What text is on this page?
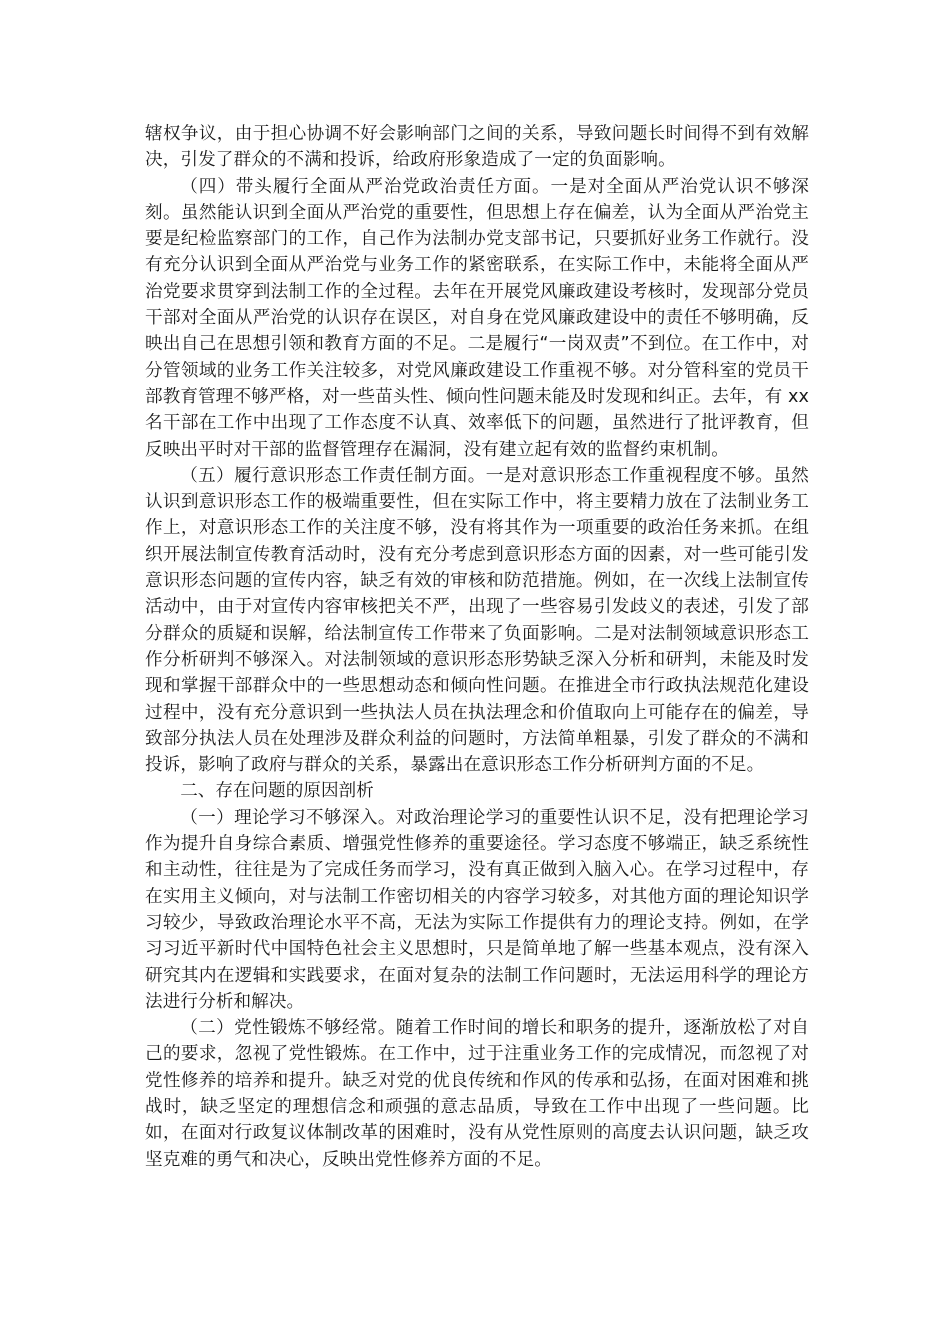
辖权争议，由于担心协调不好会影响部门之间的关系，导致问题长时间得不到有效解决，引发了群众的不满和投诉，给政府形象造成了一定的负面影响。

（四）带头履行全面从严治党政治责任方面。一是对全面从严治党认识不够深刻。虽然能认识到全面从严治党的重要性，但思想上存在偏差，认为全面从严治党主要是纪检监察部门的工作，自己作为法制办党支部书记，只要抓好业务工作就行。没有充分认识到全面从严治党与业务工作的紧密联系，在实际工作中，未能将全面从严治党要求贯穿到法制工作的全过程。去年在开展党风廉政建设考核时，发现部分党员干部对全面从严治党的认识存在误区，对自身在党风廉政建设中的责任不够明确，反映出自己在思想引领和教育方面的不足。二是履行“一岗双责”不到位。在工作中，对分管领域的业务工作关注较多，对党风廉政建设工作重视不够。对分管科室的党员干部教育管理不够严格，对一些苗头性、倾向性问题未能及时发现和纠正。去年，有 xx 名干部在工作中出现了工作态度不认真、效率低下的问题，虽然进行了批评教育，但反映出平时对干部的监督管理存在漏洞，没有建立起有效的监督约束机制。

（五）履行意识形态工作责任制方面。一是对意识形态工作重视程度不够。虽然认识到意识形态工作的极端重要性，但在实际工作中，将主要精力放在了法制业务工作上，对意识形态工作的关注度不够，没有将其作为一项重要的政治任务来抓。在组织开展法制宣传教育活动时，没有充分考虑到意识形态方面的因素，对一些可能引发意识形态问题的宣传内容，缺乏有效的审核和防范措施。例如，在一次线上法制宣传活动中，由于对宣传内容审核把关不严，出现了一些容易引发歧义的表述，引发了部分群众的质疑和误解，给法制宣传工作带来了负面影响。二是对法制领域意识形态工作分析研判不够深入。对法制领域的意识形态形势缺乏深入分析和研判，未能及时发现和掌握干部群众中的一些思想动态和倾向性问题。在推进全市行政执法规范化建设过程中，没有充分意识到一些执法人员在执法理念和价值取向上可能存在的偏差，导致部分执法人员在处理涉及群众利益的问题时，方法简单粗暴，引发了群众的不满和投诉，影响了政府与群众的关系，暴露出在意识形态工作分析研判方面的不足。

二、存在问题的原因剖析

（一）理论学习不够深入。对政治理论学习的重要性认识不足，没有把理论学习作为提升自身综合素质、增强党性修养的重要途径。学习态度不够端正，缺乏系统性和主动性，往往是为了完成任务而学习，没有真正做到入脑入心。在学习过程中，存在实用主义倾向，对与法制工作密切相关的内容学习较多，对其他方面的理论知识学习较少，导致政治理论水平不高，无法为实际工作提供有力的理论支持。例如，在学习习近平新时代中国特色社会主义思想时，只是简单地了解一些基本观点，没有深入研究其内在逻辑和实践要求，在面对复杂的法制工作问题时，无法运用科学的理论方法进行分析和解决。

（二）党性锻炼不够经常。随着工作时间的增长和职务的提升，逐渐放松了对自己的要求，忽视了党性锻炼。在工作中，过于注重业务工作的完成情况，而忽视了对党性修养的培养和提升。缺乏对党的优良传统和作风的传承和弘扬，在面对困难和挑战时，缺乏坚定的理想信念和顽强的意志品质，导致在工作中出现了一些问题。比如，在面对行政复议体制改革的困难时，没有从党性原则的高度去认识问题，缺乏攻坚克难的勇气和决心，反映出党性修养方面的不足。
